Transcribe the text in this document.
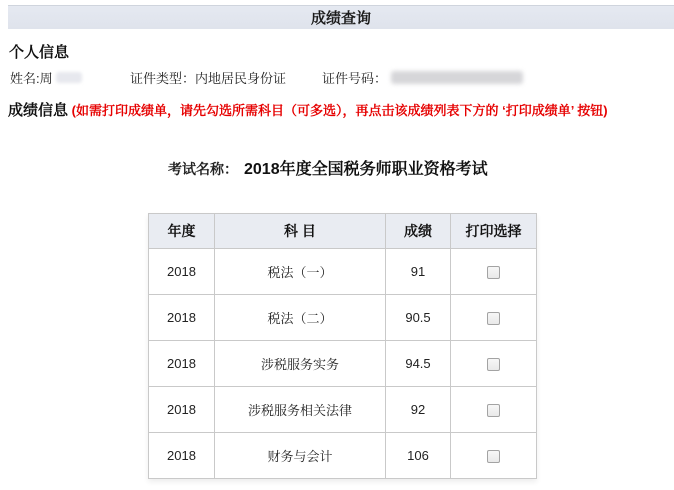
成绩查询
个人信息
姓名: 周	证件类型： 内地居民身份证	证件号码：
成绩信息 (如需打印成绩单，请先勾选所需科目（可多选），再点击该成绩列表下方的 ‘打印成绩单’ 按钮)
考试名称： 2018年度全国税务师职业资格考试
年度	科 目	成绩	打印选择
2018	税法（一）	91	
2018	税法（二）	90.5	
2018	涉税服务实务	94.5	
2018	涉税服务相关法律	92	
2018	财务与会计	106	
